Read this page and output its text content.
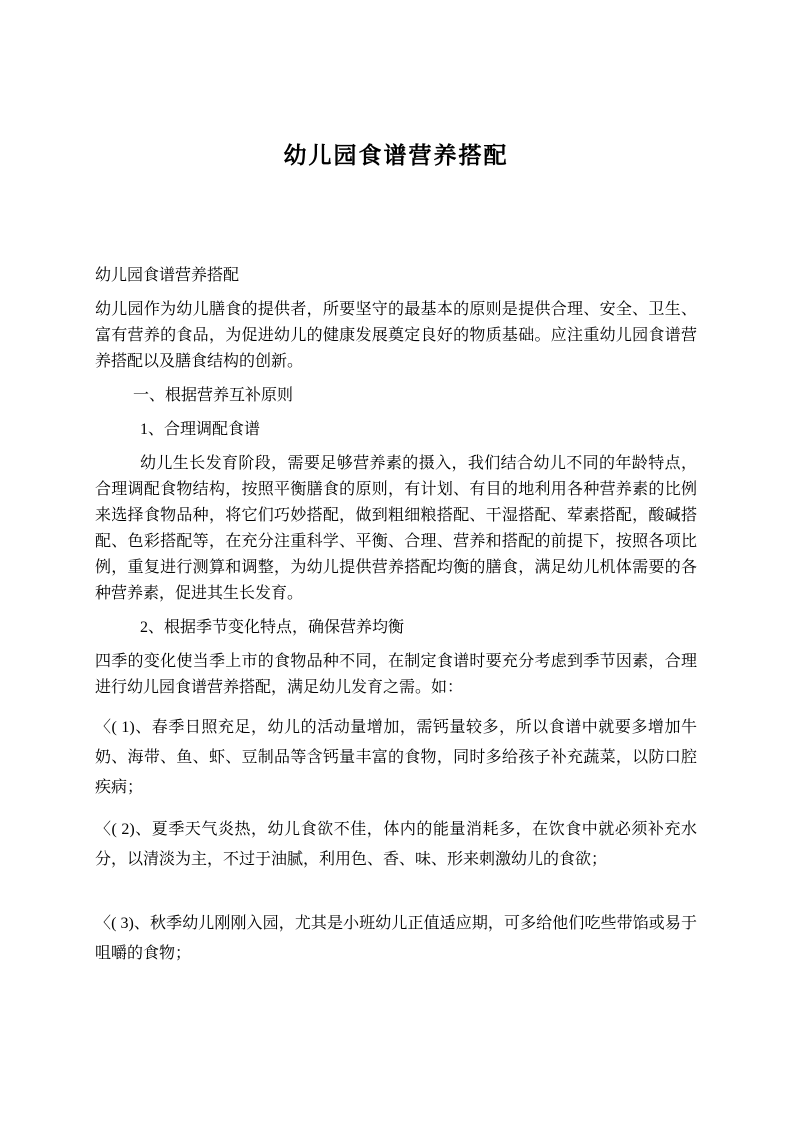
幼儿园食谱营养搭配

幼儿园食谱营养搭配

幼儿园作为幼儿膳食的提供者，所要坚守的最基本的原则是提供合理、安全、卫生、富有营养的食品，为促进幼儿的健康发展奠定良好的物质基础。应注重幼儿园食谱营养搭配以及膳食结构的创新。

一、根据营养互补原则

1、合理调配食谱

幼儿生长发育阶段，需要足够营养素的摄入，我们结合幼儿不同的年龄特点，合理调配食物结构，按照平衡膳食的原则，有计划、有目的地利用各种营养素的比例来选择食物品种，将它们巧妙搭配，做到粗细粮搭配、干湿搭配、荤素搭配，酸碱搭配、色彩搭配等，在充分注重科学、平衡、合理、营养和搭配的前提下，按照各项比例，重复进行测算和调整，为幼儿提供营养搭配均衡的膳食，满足幼儿机体需要的各种营养素，促进其生长发育。

2、根据季节变化特点，确保营养均衡

四季的变化使当季上市的食物品种不同，在制定食谱时要充分考虑到季节因素，合理进行幼儿园食谱营养搭配，满足幼儿发育之需。如：

〈( 1)、春季日照充足，幼儿的活动量增加，需钙量较多，所以食谱中就要多增加牛奶、海带、鱼、虾、豆制品等含钙量丰富的食物，同时多给孩子补充蔬菜，以防口腔疾病；

〈( 2)、夏季天气炎热，幼儿食欲不佳，体内的能量消耗多，在饮食中就必须补充水分，以清淡为主，不过于油腻，利用色、香、味、形来刺激幼儿的食欲；

〈( 3)、秋季幼儿刚刚入园，尤其是小班幼儿正值适应期，可多给他们吃些带馅或易于咀嚼的食物；
